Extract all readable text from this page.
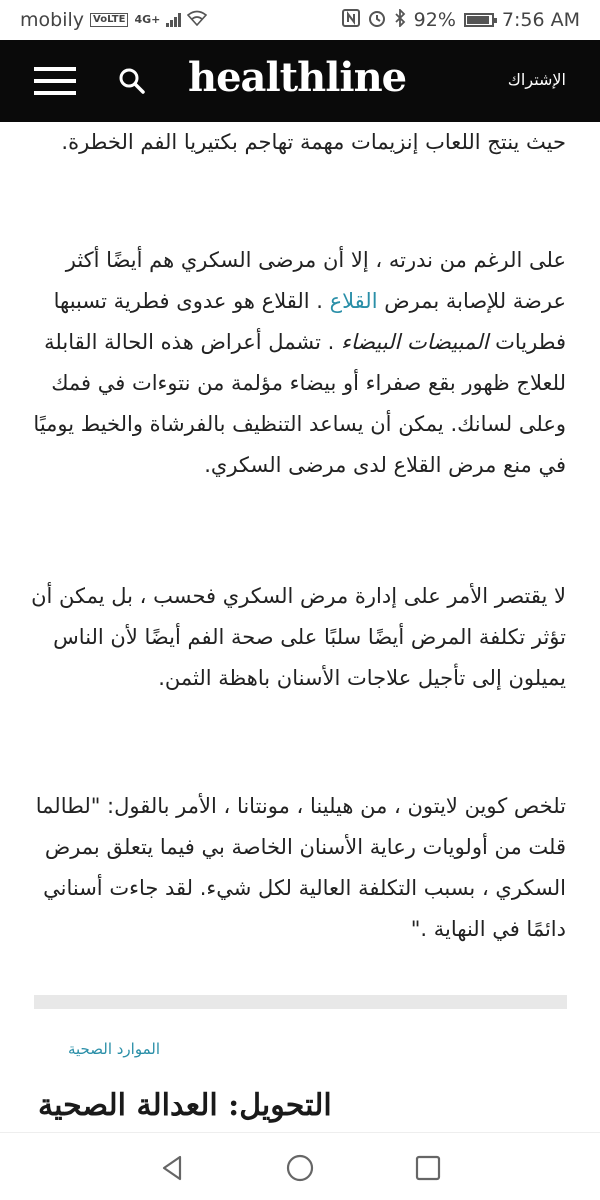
mobily VoLTE 4G+	92% 7:56 AM
healthline	الإشتراك

حيث ينتج اللعاب إنزيمات مهمة تهاجم بكتيريا الفم الخطرة.

على الرغم من ندرته ، إلا أن مرضى السكري هم أيضًا أكثر عرضة للإصابة بمرض القلاع . القلاع هو عدوى فطرية تسببها فطريات المبيضات البيضاء . تشمل أعراض هذه الحالة القابلة للعلاج ظهور بقع صفراء أو بيضاء مؤلمة من نتوءات في فمك وعلى لسانك. يمكن أن يساعد التنظيف بالفرشاة والخيط يوميًا في منع مرض القلاع لدى مرضى السكري.

لا يقتصر الأمر على إدارة مرض السكري فحسب ، بل يمكن أن تؤثر تكلفة المرض أيضًا سلبًا على صحة الفم أيضًا لأن الناس يميلون إلى تأجيل علاجات الأسنان باهظة الثمن.

تلخص كوين لايتون ، من هيلينا ، مونتانا ، الأمر بالقول: "لطالما قلت من أولويات رعاية الأسنان الخاصة بي فيما يتعلق بمرض السكري ، بسبب التكلفة العالية لكل شيء. لقد جاءت أسناني دائمًا في النهاية ."

الموارد الصحية
التحويل: العدالة الصحية
